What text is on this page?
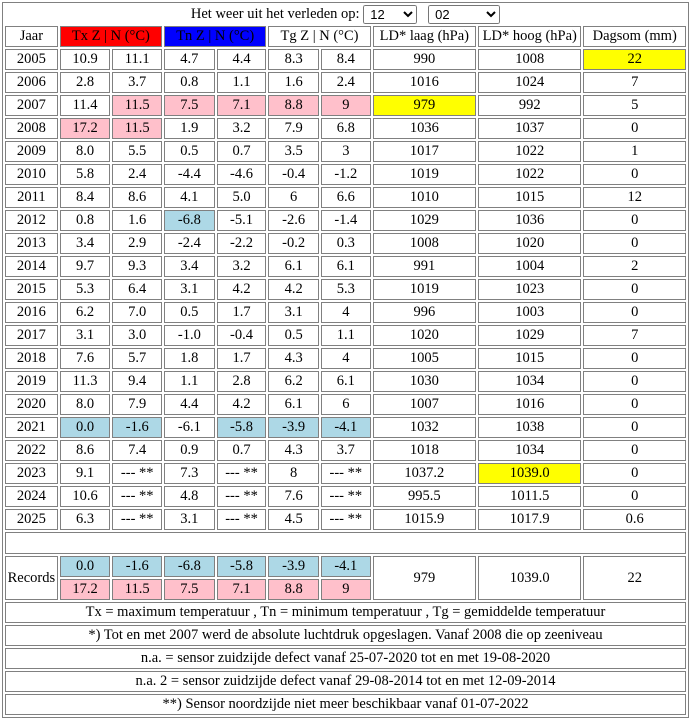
Het weer uit het verleden op:
12
02
Jaar	Tx Z | N (°C)		Tn Z | N (°C)		Tg Z | N (°C)		LD* laag (hPa)	LD* hoog (hPa)	Dagsom (mm)
2005	10.9	11.1	4.7	4.4	8.3	8.4	990	1008	22
2006	2.8	3.7	0.8	1.1	1.6	2.4	1016	1024	7
2007	11.4	11.5	7.5	7.1	8.8	9	979	992	5
2008	17.2	11.5	1.9	3.2	7.9	6.8	1036	1037	0
2009	8.0	5.5	0.5	0.7	3.5	3	1017	1022	1
2010	5.8	2.4	-4.4	-4.6	-0.4	-1.2	1019	1022	0
2011	8.4	8.6	4.1	5.0	6	6.6	1010	1015	12
2012	0.8	1.6	-6.8	-5.1	-2.6	-1.4	1029	1036	0
2013	3.4	2.9	-2.4	-2.2	-0.2	0.3	1008	1020	0
2014	9.7	9.3	3.4	3.2	6.1	6.1	991	1004	2
2015	5.3	6.4	3.1	4.2	4.2	5.3	1019	1023	0
2016	6.2	7.0	0.5	1.7	3.1	4	996	1003	0
2017	3.1	3.0	-1.0	-0.4	0.5	1.1	1020	1029	7
2018	7.6	5.7	1.8	1.7	4.3	4	1005	1015	0
2019	11.3	9.4	1.1	2.8	6.2	6.1	1030	1034	0
2020	8.0	7.9	4.4	4.2	6.1	6	1007	1016	0
2021	0.0	-1.6	-6.1	-5.8	-3.9	-4.1	1032	1038	0
2022	8.6	7.4	0.9	0.7	4.3	3.7	1018	1034	0
2023	9.1	--- **	7.3	--- **	8	--- **	1037.2	1039.0	0
2024	10.6	--- **	4.8	--- **	7.6	--- **	995.5	1011.5	0
2025	6.3	--- **	3.1	--- **	4.5	--- **	1015.9	1017.9	0.6

Records	0.0	-1.6	-6.8	-5.8	-3.9	-4.1	979	1039.0	22
	17.2	11.5	7.5	7.1	8.8	9			
Tx = maximum temperatuur , Tn = minimum temperatuur , Tg = gemiddelde temperatuur									
*) Tot en met 2007 werd de absolute luchtdruk opgeslagen. Vanaf 2008 die op zeeniveau									
n.a. = sensor zuidzijde defect vanaf 25-07-2020 tot en met 19-08-2020									
n.a. 2 = sensor zuidzijde defect vanaf 29-08-2014 tot en met 12-09-2014									
**) Sensor noordzijde niet meer beschikbaar vanaf 01-07-2022									
